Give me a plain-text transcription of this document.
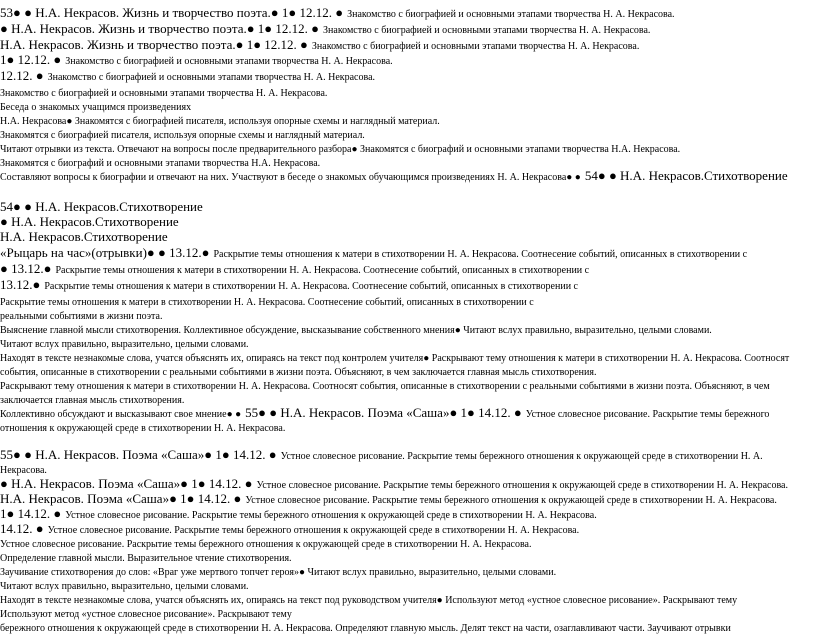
53● ● Н.А. Некрасов. Жизнь и творчество поэта.● 1● 12.12. ● Знакомство с биографией и основными этапами творчества Н. А. Некрасова.
● Н.А. Некрасов. Жизнь и творчество поэта.● 1● 12.12. ● Знакомство с биографией и основными этапами творчества Н. А. Некрасова.
Н.А. Некрасов. Жизнь и творчество поэта.● 1● 12.12. ● Знакомство с биографией и основными этапами творчества Н. А. Некрасова.
1● 12.12. ● Знакомство с биографией и основными этапами творчества Н. А. Некрасова.
12.12. ● Знакомство с биографией и основными этапами творчества Н. А. Некрасова.
Знакомство с биографией и основными этапами творчества Н. А. Некрасова.
Беседа о знакомых учащимся произведениях
Н.А. Некрасова● Знакомятся с биографией писателя, используя опорные схемы и наглядный материал.
Знакомятся с биографией писателя, используя опорные схемы и наглядный материал.
Читают отрывки из текста. Отвечают на вопросы после предварительного разбора● Знакомятся с биографий и основными этапами творчества Н.А. Некрасова.
Знакомятся с биографий и основными этапами творчества Н.А. Некрасова.
Составляют вопросы к биографии и отвечают на них. Участвуют в беседе о знакомых обучающимся произведениях Н. А. Некрасова● ● 54● ● Н.А. Некрасов.Стихотворение
54● ● Н.А. Некрасов.Стихотворение
● Н.А. Некрасов.Стихотворение
Н.А. Некрасов.Стихотворение
«Рыцарь на час»(отрывки)● ● 13.12.● Раскрытие темы отношения к матери в стихотворении Н. А. Некрасова. Соотнесение событий, описанных в стихотворении с
● 13.12.● Раскрытие темы отношения к матери в стихотворении Н. А. Некрасова. Соотнесение событий, описанных в стихотворении с
13.12.● Раскрытие темы отношения к матери в стихотворении Н. А. Некрасова. Соотнесение событий, описанных в стихотворении с
Раскрытие темы отношения к матери в стихотворении Н. А. Некрасова. Соотнесение событий, описанных в стихотворении с
реальными событиями в жизни поэта.
Выяснение главной мысли стихотворения. Коллективное обсуждение, высказывание собственного мнения● Читают вслух правильно, выразительно, целыми словами.
Читают вслух правильно, выразительно, целыми словами.
Находят в тексте незнакомые слова, учатся объяснять их, опираясь на текст под контролем учителя● Раскрывают тему отношения к матери в стихотворении Н. А. Некрасова. Соотносят
события, описанные в стихотворении с реальными событиями в жизни поэта. Объясняют, в чем заключается главная мысль стихотворения.
Раскрывают тему отношения к матери в стихотворении Н. А. Некрасова. Соотносят события, описанные в стихотворении с реальными событиями в жизни поэта. Объясняют, в чем
заключается главная мысль стихотворения.
Коллективно обсуждают и высказывают свое мнение● ● 55● ● Н.А. Некрасов. Поэма «Саша»● 1● 14.12. ● Устное словесное рисование. Раскрытие темы бережного
отношения к окружающей среде в стихотворении Н. А. Некрасова.
55● ● Н.А. Некрасов. Поэма «Саша»● 1● 14.12. ● Устное словесное рисование. Раскрытие темы бережного отношения к окружающей среде в стихотворении Н. А.
Некрасова.
● Н.А. Некрасов. Поэма «Саша»● 1● 14.12. ● Устное словесное рисование. Раскрытие темы бережного отношения к окружающей среде в стихотворении Н. А. Некрасова.
Н.А. Некрасов. Поэма «Саша»● 1● 14.12. ● Устное словесное рисование. Раскрытие темы бережного отношения к окружающей среде в стихотворении Н. А. Некрасова.
1● 14.12. ● Устное словесное рисование. Раскрытие темы бережного отношения к окружающей среде в стихотворении Н. А. Некрасова.
14.12. ● Устное словесное рисование. Раскрытие темы бережного отношения к окружающей среде в стихотворении Н. А. Некрасова.
Устное словесное рисование. Раскрытие темы бережного отношения к окружающей среде в стихотворении Н. А. Некрасова.
Определение главной мысли. Выразительное чтение стихотворения.
Заучивание стихотворения до слов: «Враг уже мертвого топчет героя»● Читают вслух правильно, выразительно, целыми словами.
Читают вслух правильно, выразительно, целыми словами.
Находят в тексте незнакомые слова, учатся объяснять их, опираясь на текст под руководством учителя● Используют метод «устное словесное рисование». Раскрывают тему
Используют метод «устное словесное рисование». Раскрывают тему
бережного отношения к окружающей среде в стихотворении Н. А. Некрасова. Определяют главную мысль. Делят текст на части, озаглавливают части. Заучивают отрывки
